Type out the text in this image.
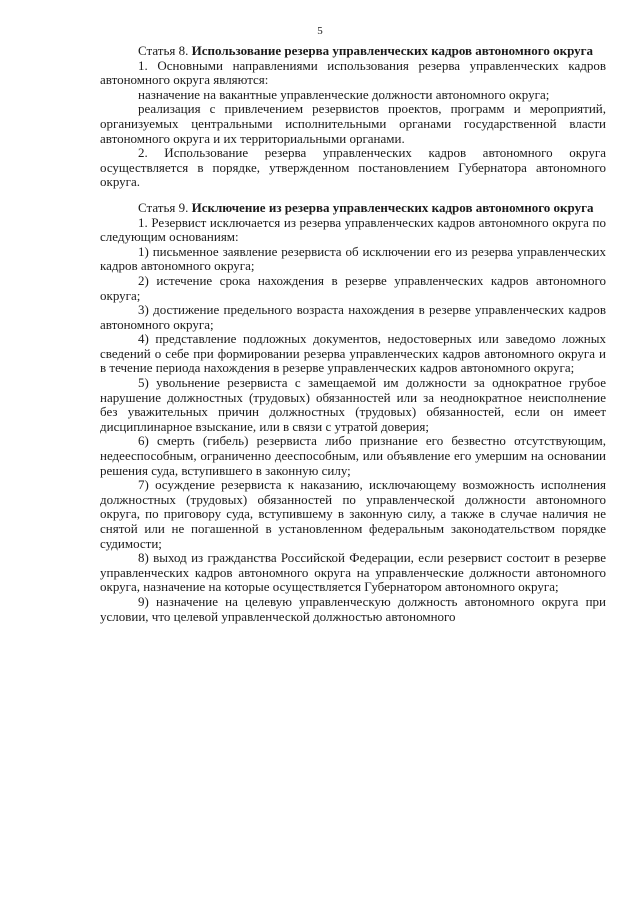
5

Статья 8. Использование резерва управленческих кадров автономного округа

1. Основными направлениями использования резерва управленческих кадров автономного округа являются:

назначение на вакантные управленческие должности автономного округа;

реализация с привлечением резервистов проектов, программ и мероприятий, организуемых центральными исполнительными органами государственной власти автономного округа и их территориальными органами.

2. Использование резерва управленческих кадров автономного округа осуществляется в порядке, утвержденном постановлением Губернатора автономного округа.

Статья 9. Исключение из резерва управленческих кадров автономного округа

1. Резервист исключается из резерва управленческих кадров автономного округа по следующим основаниям:

1) письменное заявление резервиста об исключении его из резерва управленческих кадров автономного округа;

2) истечение срока нахождения в резерве управленческих кадров автономного округа;

3) достижение предельного возраста нахождения в резерве управленческих кадров автономного округа;

4) представление подложных документов, недостоверных или заведомо ложных сведений о себе при формировании резерва управленческих кадров автономного округа и в течение периода нахождения в резерве управленческих кадров автономного округа;

5) увольнение резервиста с замещаемой им должности за однократное грубое нарушение должностных (трудовых) обязанностей или за неоднократное неисполнение без уважительных причин должностных (трудовых) обязанностей, если он имеет дисциплинарное взыскание, или в связи с утратой доверия;

6) смерть (гибель) резервиста либо признание его безвестно отсутствующим, недееспособным, ограниченно дееспособным, или объявление его умершим на основании решения суда, вступившего в законную силу;

7) осуждение резервиста к наказанию, исключающему возможность исполнения должностных (трудовых) обязанностей по управленческой должности автономного округа, по приговору суда, вступившему в законную силу, а также в случае наличия не снятой или не погашенной в установленном федеральным законодательством порядке судимости;

8) выход из гражданства Российской Федерации, если резервист состоит в резерве управленческих кадров автономного округа на управленческие должности автономного округа, назначение на которые осуществляется Губернатором автономного округа;

9) назначение на целевую управленческую должность автономного округа при условии, что целевой управленческой должностью автономного
